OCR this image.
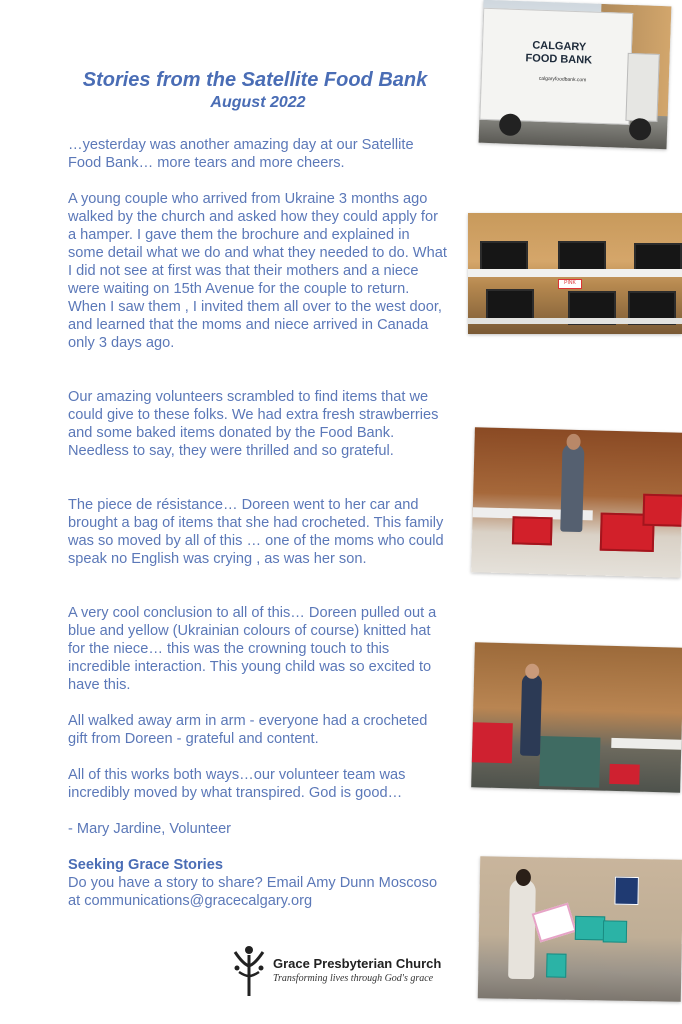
Stories from the Satellite Food Bank
August 2022

…yesterday was another amazing day at our Satellite Food Bank… more tears and more cheers.

A young couple who arrived from Ukraine 3 months ago walked by the church and asked how they could apply for a hamper. I gave them the brochure and explained in some detail what we do and what they needed to do. What I did not see at first was that their mothers and a niece were waiting on 15th Avenue for the couple to return. When I saw them , I invited them all over to the west door, and learned that the moms and niece arrived in Canada only 3 days ago.

Our amazing volunteers scrambled to find items that we could give to these folks. We had extra fresh strawberries and some baked items donated by the Food Bank. Needless to say, they were thrilled and so grateful.

The piece de résistance… Doreen went to her car and brought a bag of items that she had crocheted. This family was so moved by all of this … one of the moms who could speak no English was crying , as was her son.

A very cool conclusion to all of this… Doreen pulled out a blue and yellow (Ukrainian colours of course) knitted hat for the niece… this was the crowning touch to this incredible interaction. This young child was so excited to have this.

All walked away arm in arm - everyone had a crocheted gift from Doreen - grateful and content.

All of this works both ways…our volunteer team was incredibly moved by what transpired. God is good…

- Mary Jardine, Volunteer

Seeking Grace Stories

Do you have a story to share? Email Amy Dunn Moscoso at communications@gracecalgary.org

CALGARY
FOOD BANK
calgaryfoodbank.com
PINK
Grace Presbyterian Church
Transforming lives through God's grace
